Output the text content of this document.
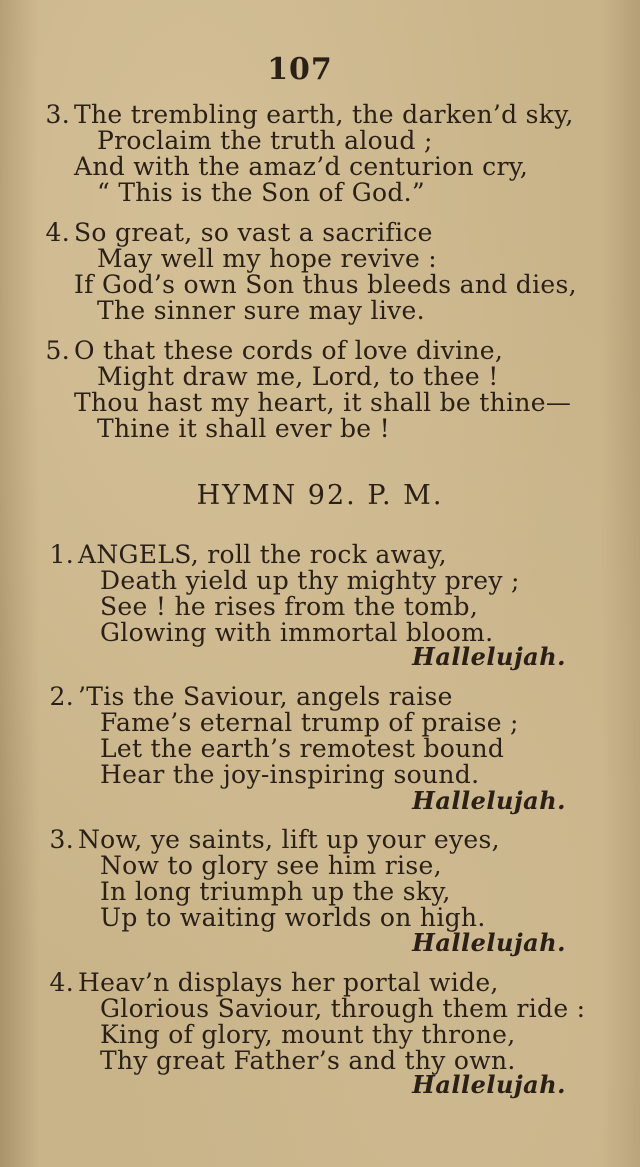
107
3. The trembling earth, the darken’d sky,
Proclaim the truth aloud ;
And with the amaz’d centurion cry,
“ This is the Son of God.”
4. So great, so vast a sacrifice
May well my hope revive :
If God’s own Son thus bleeds and dies,
The sinner sure may live.
5. O that these cords of love divine,
Might draw me, Lord, to thee !
Thou hast my heart, it shall be thine—
Thine it shall ever be !
HYMN 92. P. M.
1. ANGELS, roll the rock away,
Death yield up thy mighty prey ;
See ! he rises from the tomb,
Glowing with immortal bloom.
Hallelujah.
2. ’Tis the Saviour, angels raise
Fame’s eternal trump of praise ;
Let the earth’s remotest bound
Hear the joy-inspiring sound.
Hallelujah.
3. Now, ye saints, lift up your eyes,
Now to glory see him rise,
In long triumph up the sky,
Up to waiting worlds on high.
Hallelujah.
4. Heav’n displays her portal wide,
Glorious Saviour, through them ride :
King of glory, mount thy throne,
Thy great Father’s and thy own.
Hallelujah.
